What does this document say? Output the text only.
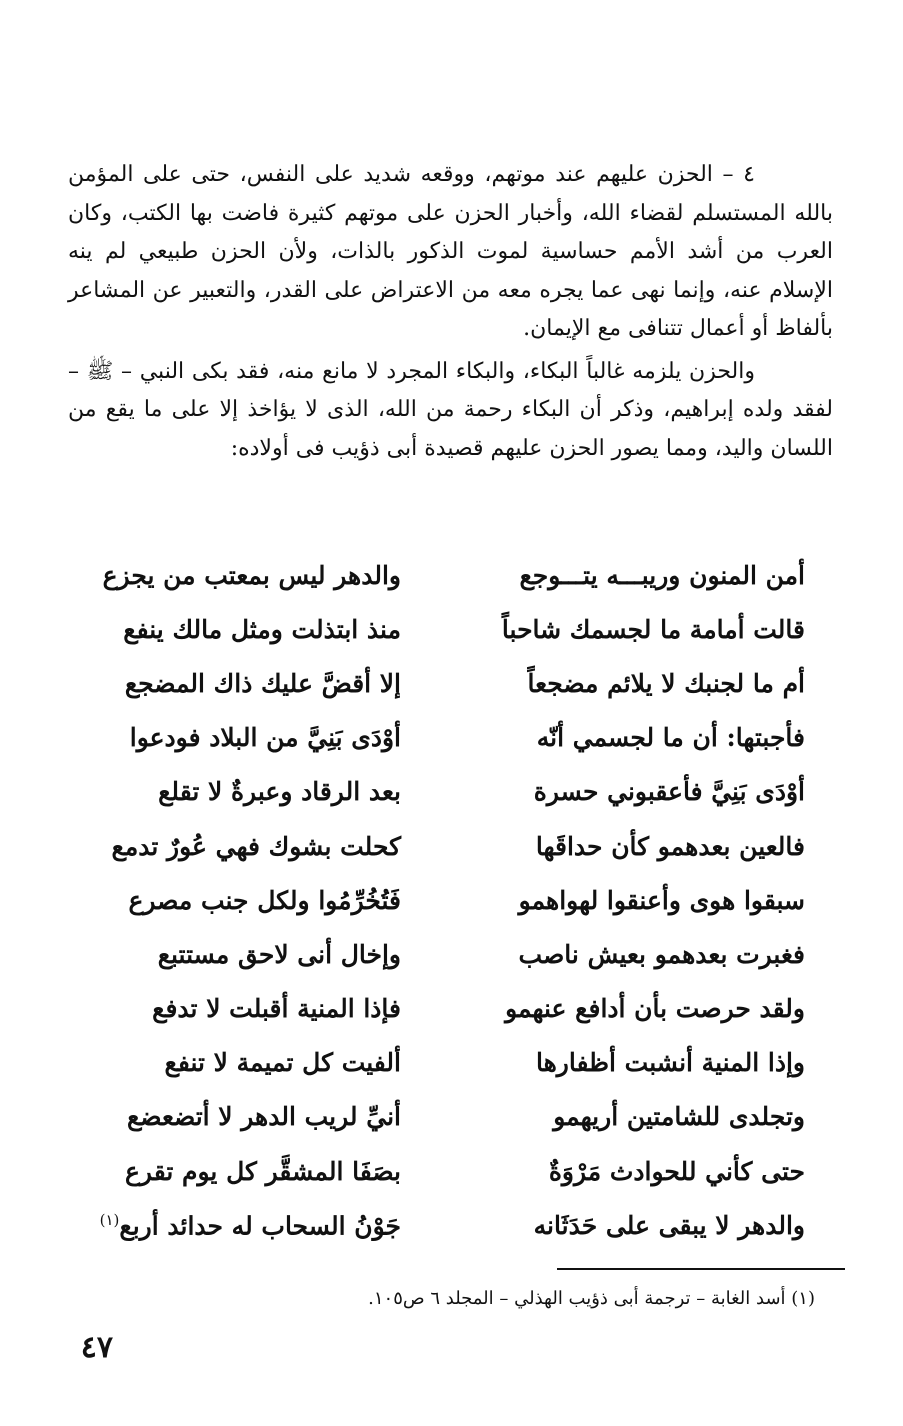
٤ – الحزن عليهم عند موتهم، ووقعه شديد على النفس، حتى على المؤمن بالله المستسلم لقضاء الله، وأخبار الحزن على موتهم كثيرة فاضت بها الكتب، وكان العرب من أشد الأمم حساسية لموت الذكور بالذات، ولأن الحزن طبيعي لم ينه الإسلام عنه، وإنما نهى عما يجره معه من الاعتراض على القدر، والتعبير عن المشاعر بألفاظ أو أعمال تتنافى مع الإيمان.

والحزن يلزمه غالباً البكاء، والبكاء المجرد لا مانع منه، فقد بكى النبي – ﷺ – لفقد ولده إبراهيم، وذكر أن البكاء رحمة من الله، الذى لا يؤاخذ إلا على ما يقع من اللسان واليد، ومما يصور الحزن عليهم قصيدة أبى ذؤيب فى أولاده:

أمن المنون وريبـــه يتـــوجع
والدهر ليس بمعتب من يجزع
قالت أمامة ما لجسمك شاحباً
منذ ابتذلت ومثل مالك ينفع
أم ما لجنبك لا يلائم مضجعاً
إلا أقضَّ عليك ذاك المضجع
فأجبتها: أن ما لجسمي أنّه
أوْدَى بَنِيَّ من البلاد فودعوا
أوْدَى بَنِيَّ فأعقبوني حسرة
بعد الرقاد وعبرةٌ لا تقلع
فالعين بعدهمو كأن حداقَها
كحلت بشوك فهي عُورٌ تدمع
سبقوا هوى وأعنقوا لهواهمو
فَتُخُرِّمُوا ولكل جنب مصرع
فغبرت بعدهمو بعيش ناصب
وإخال أنى لاحق مستتبع
ولقد حرصت بأن أدافع عنهمو
فإذا المنية أقبلت لا تدفع
وإذا المنية أنشبت أظفارها
ألفيت كل تميمة لا تنفع
وتجلدى للشامتين أريهمو
أنيِّ لريب الدهر لا أتضعضع
حتى كأني للحوادث مَرْوَةٌ
بصَفَا المشقَّر كل يوم تقرع
والدهر لا يبقى على حَدَثَانه
جَوْنُ السحاب له حدائد أربع$^{(١)}$
(١) أسد الغابة – ترجمة أبى ذؤيب الهذلي – المجلد ٦ ص١٠٥.
٤٧
